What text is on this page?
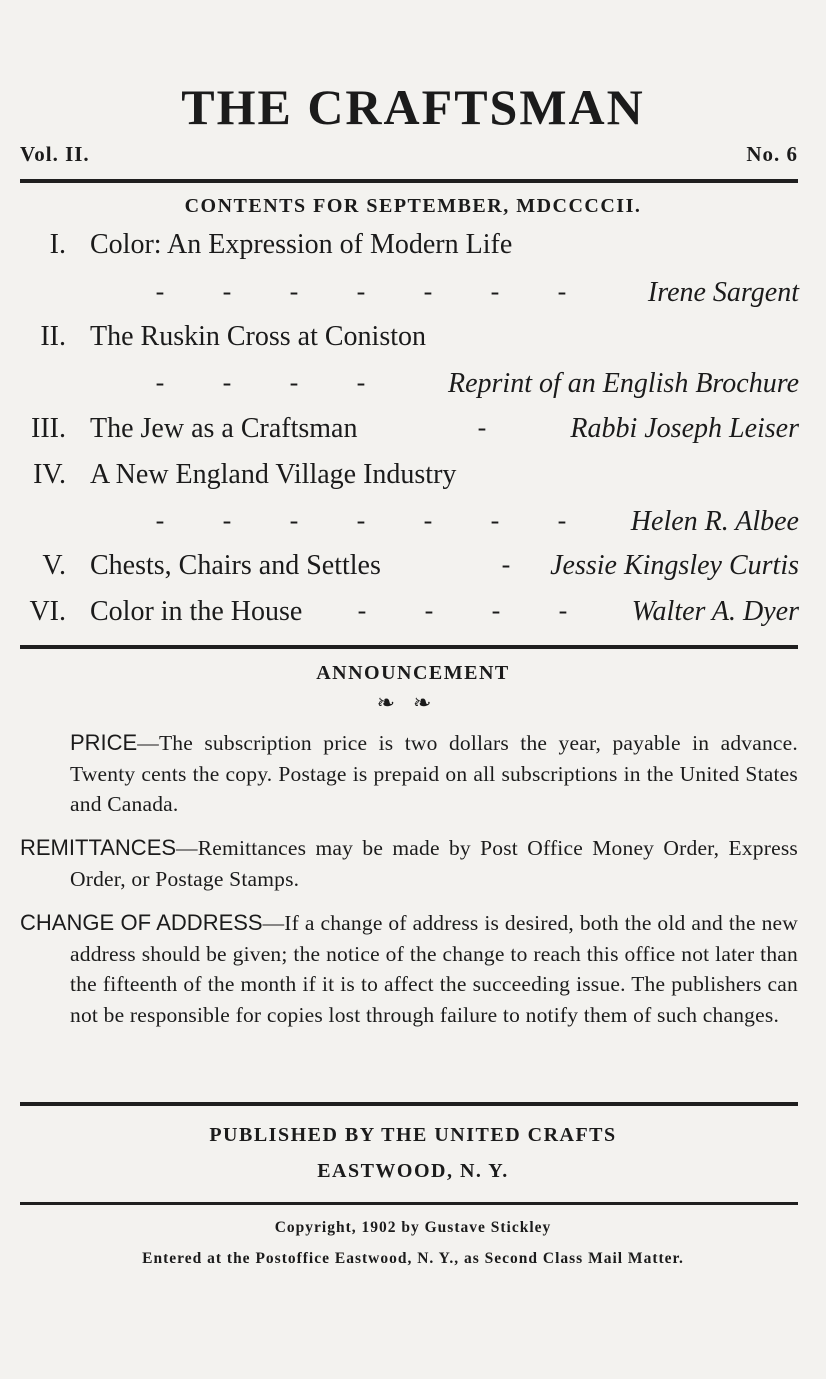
THE CRAFTSMAN
Vol. II.	No. 6
CONTENTS FOR SEPTEMBER, MDCCCCII.
I. Color: An Expression of Modern Life
- - - - - - -	Irene Sargent
II. The Ruskin Cross at Coniston
- - - -	Reprint of an English Brochure
III. The Jew as a Craftsman	-	Rabbi Joseph Leiser
IV. A New England Village Industry
- - - - - - -	Helen R. Albee
V. Chests, Chairs and Settles	-	Jessie Kingsley Curtis
VI. Color in the House - - - -	Walter A. Dyer
ANNOUNCEMENT
❧❧

PRICE—The subscription price is two dollars the year, payable in advance. Twenty cents the copy. Postage is prepaid on all subscriptions in the United States and Canada.

REMITTANCES—Remittances may be made by Post Office Money Order, Express Order, or Postage Stamps.

CHANGE OF ADDRESS—If a change of address is desired, both the old and the new address should be given; the notice of the change to reach this office not later than the fifteenth of the month if it is to affect the succeeding issue. The publishers can not be responsible for copies lost through failure to notify them of such changes.

PUBLISHED BY THE UNITED CRAFTS
EASTWOOD, N. Y.
Copyright, 1902 by Gustave Stickley
Entered at the Postoffice Eastwood, N. Y., as Second Class Mail Matter.
